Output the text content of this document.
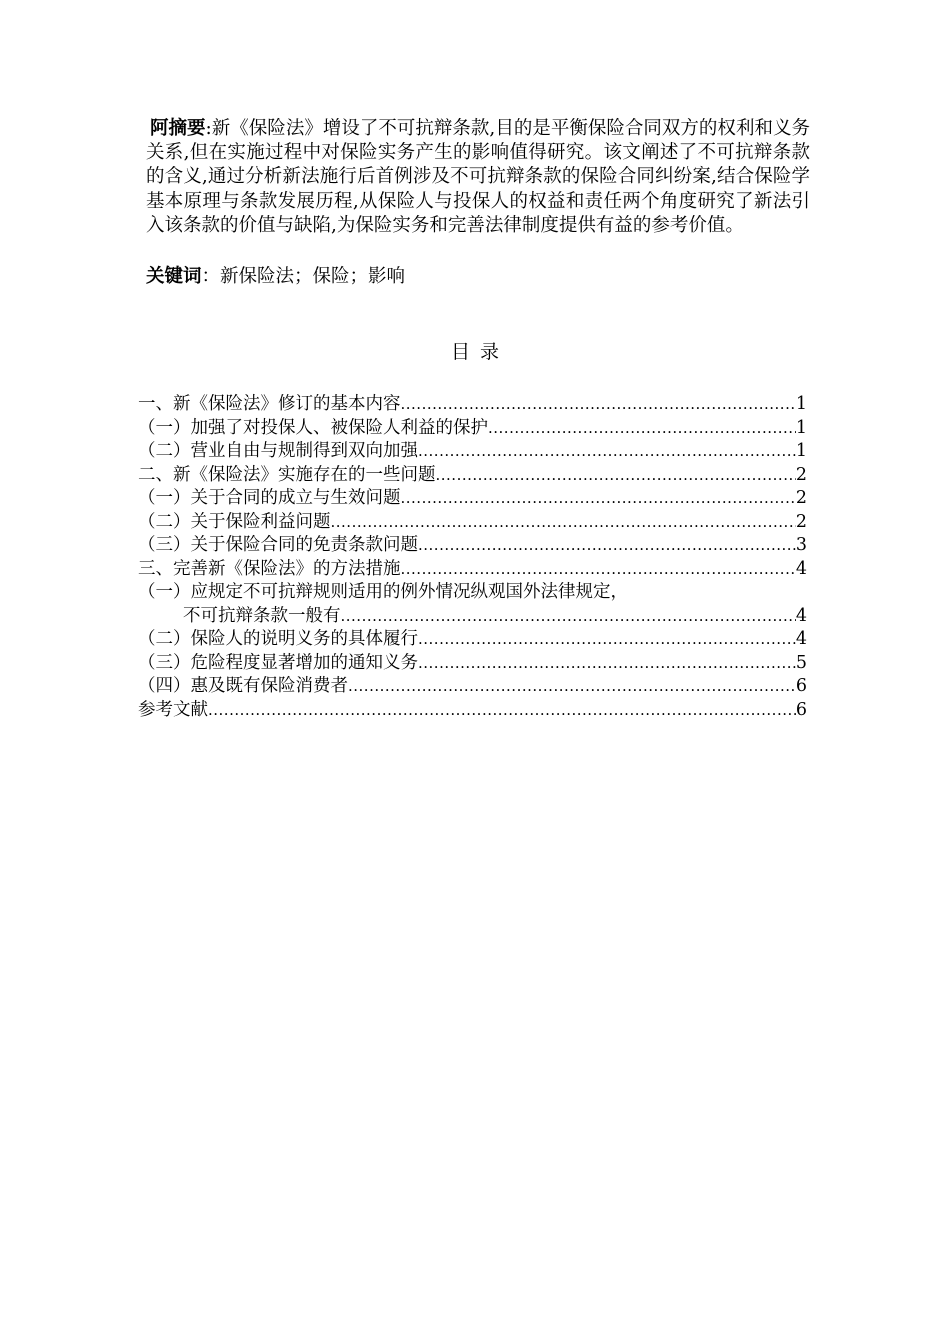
阿摘要:新《保险法》增设了不可抗辩条款,目的是平衡保险合同双方的权利和义务关系,但在实施过程中对保险实务产生的影响值得研究。该文阐述了不可抗辩条款的含义,通过分析新法施行后首例涉及不可抗辩条款的保险合同纠纷案,结合保险学基本原理与条款发展历程,从保险人与投保人的权益和责任两个角度研究了新法引入该条款的价值与缺陷,为保险实务和完善法律制度提供有益的参考价值。
关键词：新保险法；保险；影响
目录
一、新《保险法》修订的基本内容 .....	1
（一）加强了对投保人、被保险人利益的保护 .....	1
（二）营业自由与规制得到双向加强 .....	1
二、新《保险法》实施存在的一些问题 .....	2
（一）关于合同的成立与生效问题 .....	2
（二）关于保险利益问题 .....	2
（三）关于保险合同的免责条款问题 .....	3
三、完善新《保险法》的方法措施 .....	4
（一）应规定不可抗辩规则适用的例外情况纵观国外法律规定，
不可抗辩条款一般有 .....	4
（二）保险人的说明义务的具体履行 .....	4
（三）危险程度显著增加的通知义务 .....	5
（四）惠及既有保险消费者 .....	6
参考文献 .....	6
